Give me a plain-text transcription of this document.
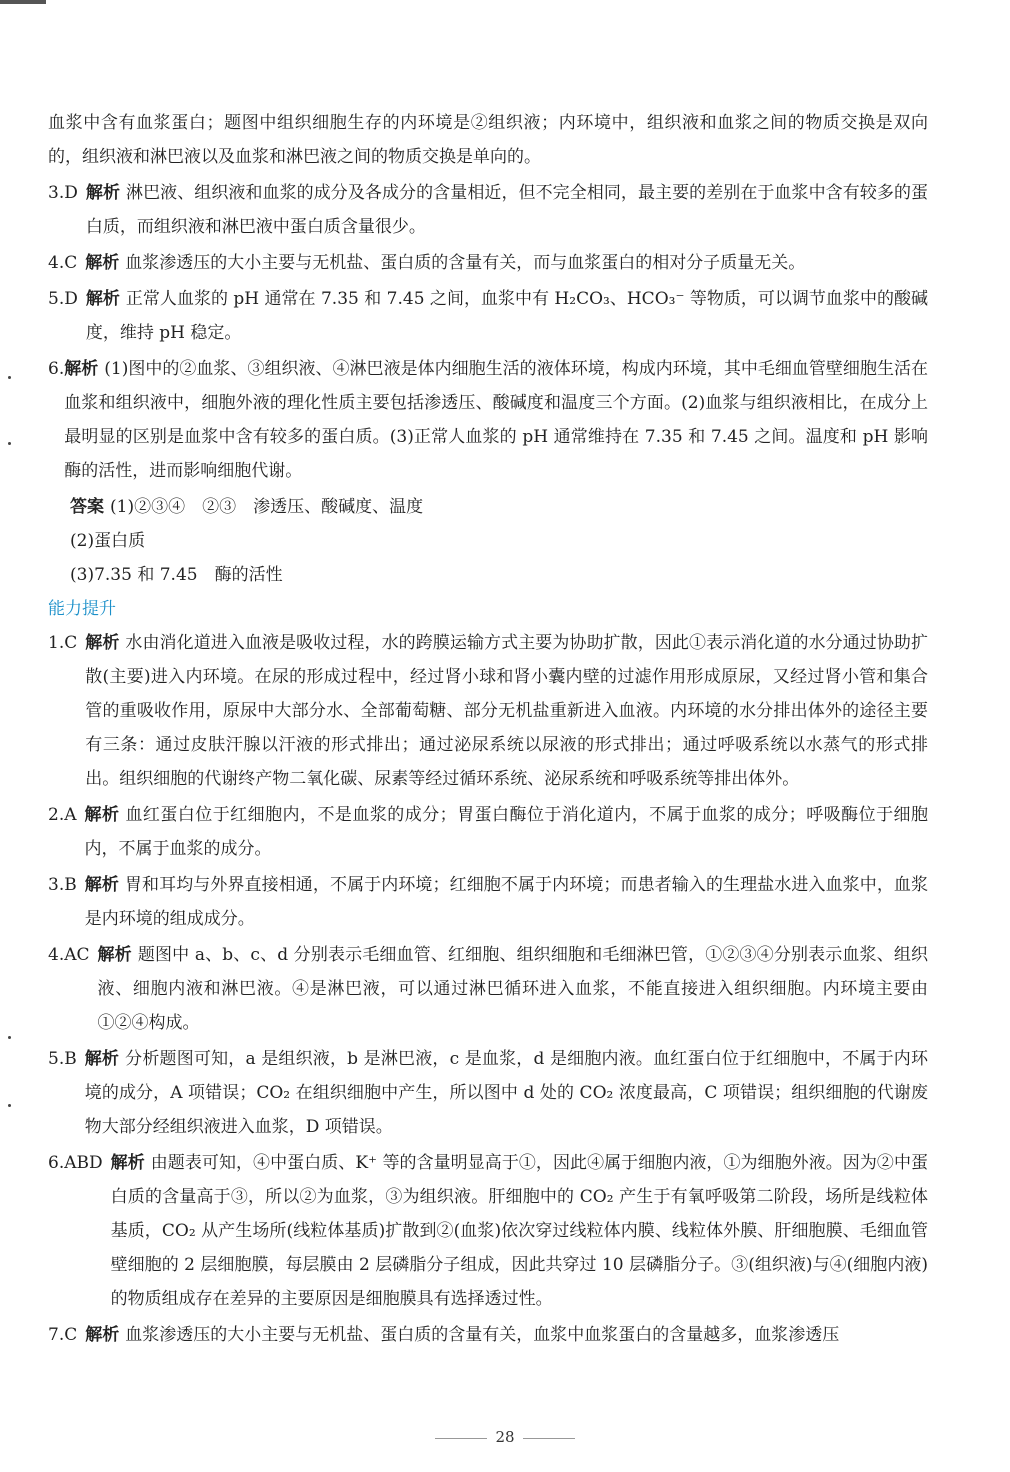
血浆中含有血浆蛋白；题图中组织细胞生存的内环境是②组织液；内环境中，组织液和血浆之间的物质交换是双向的，组织液和淋巴液以及血浆和淋巴液之间的物质交换是单向的。

3. D 解析 淋巴液、组织液和血浆的成分及各成分的含量相近，但不完全相同，最主要的差别在于血浆中含有较多的蛋白质，而组织液和淋巴液中蛋白质含量很少。
4. C 解析 血浆渗透压的大小主要与无机盐、蛋白质的含量有关，而与血浆蛋白的相对分子质量无关。
5. D 解析 正常人血浆的 pH 通常在 7.35 和 7.45 之间，血浆中有 H₂CO₃、HCO₃⁻ 等物质，可以调节血浆中的酸碱度，维持 pH 稳定。
6. 解析 (1)图中的②血浆、③组织液、④淋巴液是体内细胞生活的液体环境，构成内环境，其中毛细血管壁细胞生活在血浆和组织液中，细胞外液的理化性质主要包括渗透压、酸碱度和温度三个方面。(2)血浆与组织液相比，在成分上最明显的区别是血浆中含有较多的蛋白质。(3)正常人血浆的 pH 通常维持在 7.35 和 7.45 之间。温度和 pH 影响酶的活性，进而影响细胞代谢。
答案 (1)②③④　②③　渗透压、酸碱度、温度
(2)蛋白质
(3)7.35 和 7.45　酶的活性

能力提升

1. C 解析 水由消化道进入血液是吸收过程，水的跨膜运输方式主要为协助扩散，因此①表示消化道的水分通过协助扩散(主要)进入内环境。在尿的形成过程中，经过肾小球和肾小囊内壁的过滤作用形成原尿，又经过肾小管和集合管的重吸收作用，原尿中大部分水、全部葡萄糖、部分无机盐重新进入血液。内环境的水分排出体外的途径主要有三条：通过皮肤汗腺以汗液的形式排出；通过泌尿系统以尿液的形式排出；通过呼吸系统以水蒸气的形式排出。组织细胞的代谢终产物二氧化碳、尿素等经过循环系统、泌尿系统和呼吸系统等排出体外。
2. A 解析 血红蛋白位于红细胞内，不是血浆的成分；胃蛋白酶位于消化道内，不属于血浆的成分；呼吸酶位于细胞内，不属于血浆的成分。
3. B 解析 胃和耳均与外界直接相通，不属于内环境；红细胞不属于内环境；而患者输入的生理盐水进入血浆中，血浆是内环境的组成成分。
4. AC 解析 题图中 a、b、c、d 分别表示毛细血管、红细胞、组织细胞和毛细淋巴管，①②③④分别表示血浆、组织液、细胞内液和淋巴液。④是淋巴液，可以通过淋巴循环进入血浆，不能直接进入组织细胞。内环境主要由①②④构成。
5. B 解析 分析题图可知，a 是组织液，b 是淋巴液，c 是血浆，d 是细胞内液。血红蛋白位于红细胞中，不属于内环境的成分，A 项错误；CO₂ 在组织细胞中产生，所以图中 d 处的 CO₂ 浓度最高，C 项错误；组织细胞的代谢废物大部分经组织液进入血浆，D 项错误。
6. ABD 解析 由题表可知，④中蛋白质、K⁺ 等的含量明显高于①，因此④属于细胞内液，①为细胞外液。因为②中蛋白质的含量高于③，所以②为血浆，③为组织液。肝细胞中的 CO₂ 产生于有氧呼吸第二阶段，场所是线粒体基质，CO₂ 从产生场所(线粒体基质)扩散到②(血浆)依次穿过线粒体内膜、线粒体外膜、肝细胞膜、毛细血管壁细胞的 2 层细胞膜，每层膜由 2 层磷脂分子组成，因此共穿过 10 层磷脂分子。③(组织液)与④(细胞内液)的物质组成存在差异的主要原因是细胞膜具有选择透过性。
7. C 解析 血浆渗透压的大小主要与无机盐、蛋白质的含量有关，血浆中血浆蛋白的含量越多，血浆渗透压
28
